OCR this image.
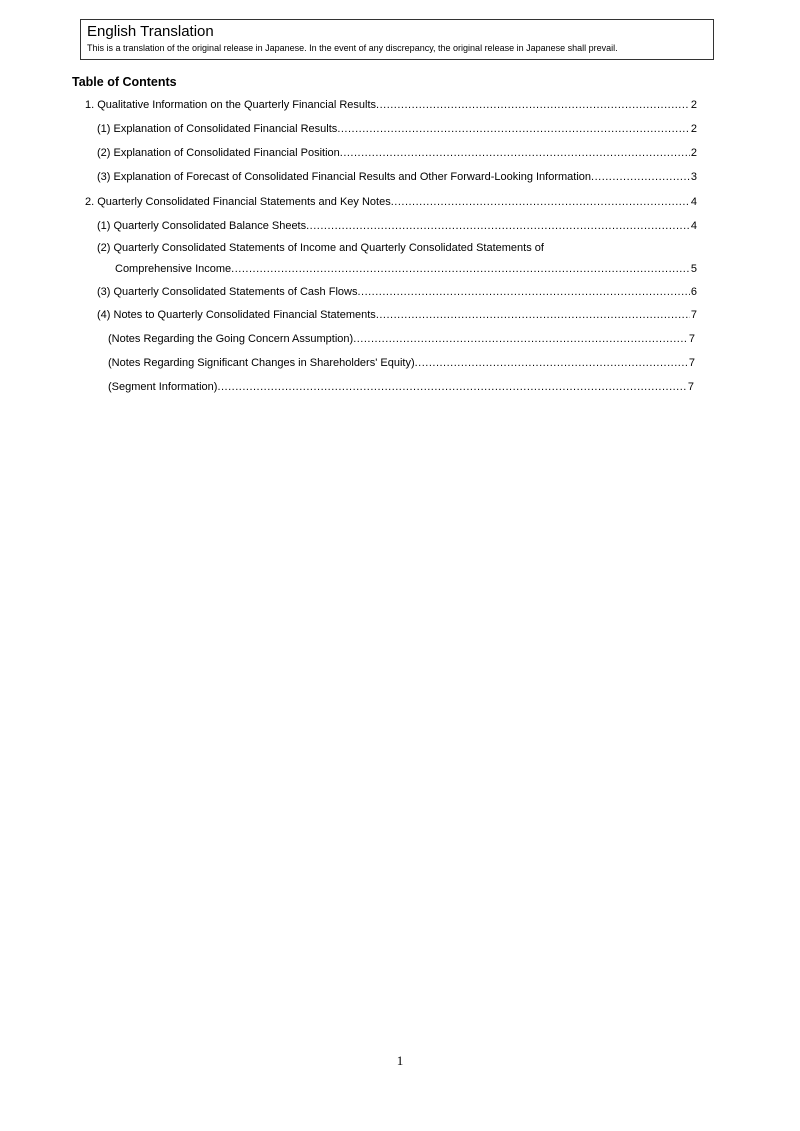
English Translation

This is a translation of the original release in Japanese. In the event of any discrepancy, the original release in Japanese shall prevail.

Table of Contents
1. Qualitative Information on the Quarterly Financial Results .....	2
(1) Explanation of Consolidated Financial Results .....	2
(2) Explanation of Consolidated Financial Position .....	2
(3) Explanation of Forecast of Consolidated Financial Results and Other Forward-Looking Information .....	3
2. Quarterly Consolidated Financial Statements and Key Notes .....	4
(1) Quarterly Consolidated Balance Sheets .....	4
(2) Quarterly Consolidated Statements of Income and Quarterly Consolidated Statements of
Comprehensive Income .....	5
(3) Quarterly Consolidated Statements of Cash Flows .....	6
(4) Notes to Quarterly Consolidated Financial Statements .....	7
(Notes Regarding the Going Concern Assumption) .....	7
(Notes Regarding Significant Changes in Shareholders' Equity) .....	7
(Segment Information) .....	7
1
